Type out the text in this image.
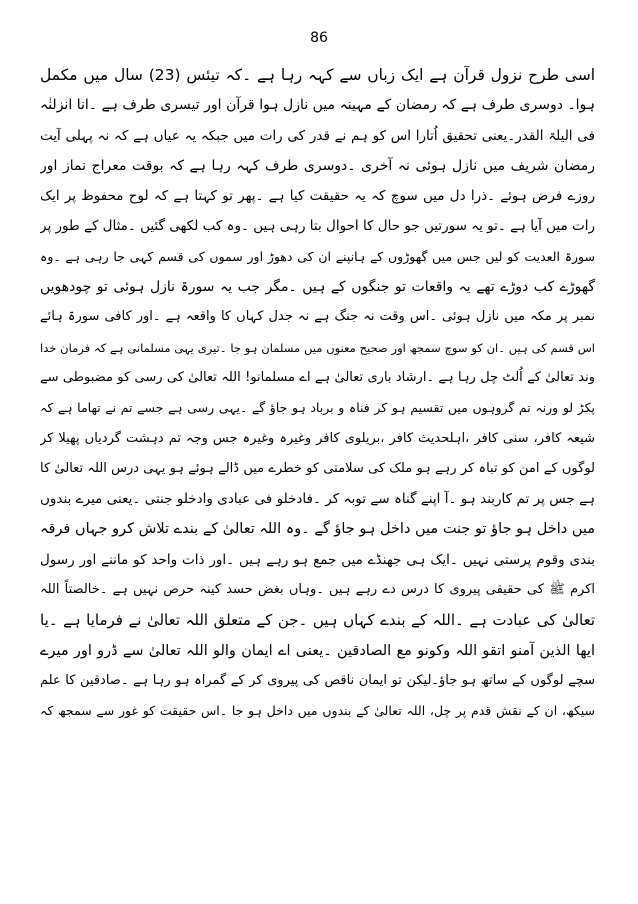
86
اسی طرح نزول قرآن ہے ایک زباں سے کہہ رہا ہے ۔کہ تیئس (23) سال میں مکمل
ہوا۔ دوسری طرف ہے کہ رمضان کے مہینہ میں نازل ہوا قرآن اور تیسری طرف ہے ۔انا انزلنٰہ
فی الیلۃ القدر۔یعنی تحقیق اُتارا اس کو ہم نے قدر کی رات میں جبکہ یہ عیاں ہے کہ نہ پہلی آیت
رمضان شریف میں نازل ہوئی نہ آخری ۔دوسری طرف کہہ رہا ہے کہ بوقت معراج نماز اور
روزے فرض ہوئے ۔ذرا دل میں سوچ کہ یہ حقیقت کیا ہے ۔پھر تو کہتا ہے کہ لوح محفوظ پر ایک
رات میں آیا ہے ۔تو یہ سورتیں جو حال کا احوال بتا رہی ہیں ۔وہ کب لکھی گئیں ۔مثال کے طور پر
سورۃ العدیت کو لیں جس میں گھوڑوں کے ہانپنے ان کی دھوڑ اور سموں کی قسم کہی جا رہی ہے ۔وہ
گھوڑے کب دوڑے تھے یہ واقعات تو جنگوں کے ہیں ۔مگر جب یہ سورۃ نازل ہوئی تو چودھویں
نمبر پر مکہ میں نازل ہوئی ۔اس وقت نہ جنگ ہے نہ جدل کہاں کا واقعہ ہے ۔اور کافی سورۃ ہائے
اس قسم کی ہیں ۔ان کو سوچ سمجھ اور صحیح معنوں میں مسلمان ہو جا ۔تیری یہی مسلمانی ہے کہ فرمان خدا
وند تعالیٰ کے اُلٹ چل رہا ہے ۔ارشاد باری تعالیٰ ہے اے مسلمانو! اللہ تعالیٰ کی رسی کو مضبوطی سے
پکڑ لو ورنہ تم گروہوں میں تقسیم ہو کر فناہ و برباد ہو جاؤ گے ۔یہی رسی ہے جسے تم نے تھاما ہے کہ
شیعہ کافر، سنی کافر ،اہلحدیث کافر ،بریلوی کافر وغیرہ وغیرہ جس وجہ تم دہشت گردیاں پھیلا کر
لوگوں کے امن کو تباہ کر رہے ہو ملک کی سلامتی کو خطرے میں ڈالے ہوئے ہو یہی درس اللہ تعالیٰ کا
ہے جس پر تم کاربند ہو ۔آ اپنے گناہ سے توبہ کر ۔فادخلو فی عبادی وادخلو جنتی ۔یعنی میرے بندوں
میں داخل ہو جاؤ تو جنت میں داخل ہو جاؤ گے ۔وہ اللہ تعالیٰ کے بندے تلاش کرو جہاں فرقہ
بندی وقوم پرستی نہیں ۔ایک ہی جھنڈے میں جمع ہو رہے ہیں ۔اور ذات واحد کو ماننے اور رسول
اکرم ﷺ کی حقیقی پیروی کا درس دے رہے ہیں ۔وہاں بغض حسد کینہ حرص نہیں ہے ۔خالصتاً اللہ
تعالیٰ کی عبادت ہے ۔اللہ کے بندے کہاں ہیں ۔جن کے متعلق اللہ تعالیٰ نے فرمایا ہے ۔یا
ایھا الذین آمنو اتقو اللہ وکونو مع الصادقین ۔یعنی اے ایمان والو اللہ تعالیٰ سے ڈرو اور میرے
سچے لوگوں کے ساتھ ہو جاؤ۔لیکن تو ایمان ناقص کی پیروی کر کے گمراہ ہو رہا ہے ۔صادقین کا علم
سیکھ، ان کے نقش قدم پر چل، اللہ تعالیٰ کے بندوں میں داخل ہو جا ۔اس حقیقت کو غور سے سمجھ کہ
